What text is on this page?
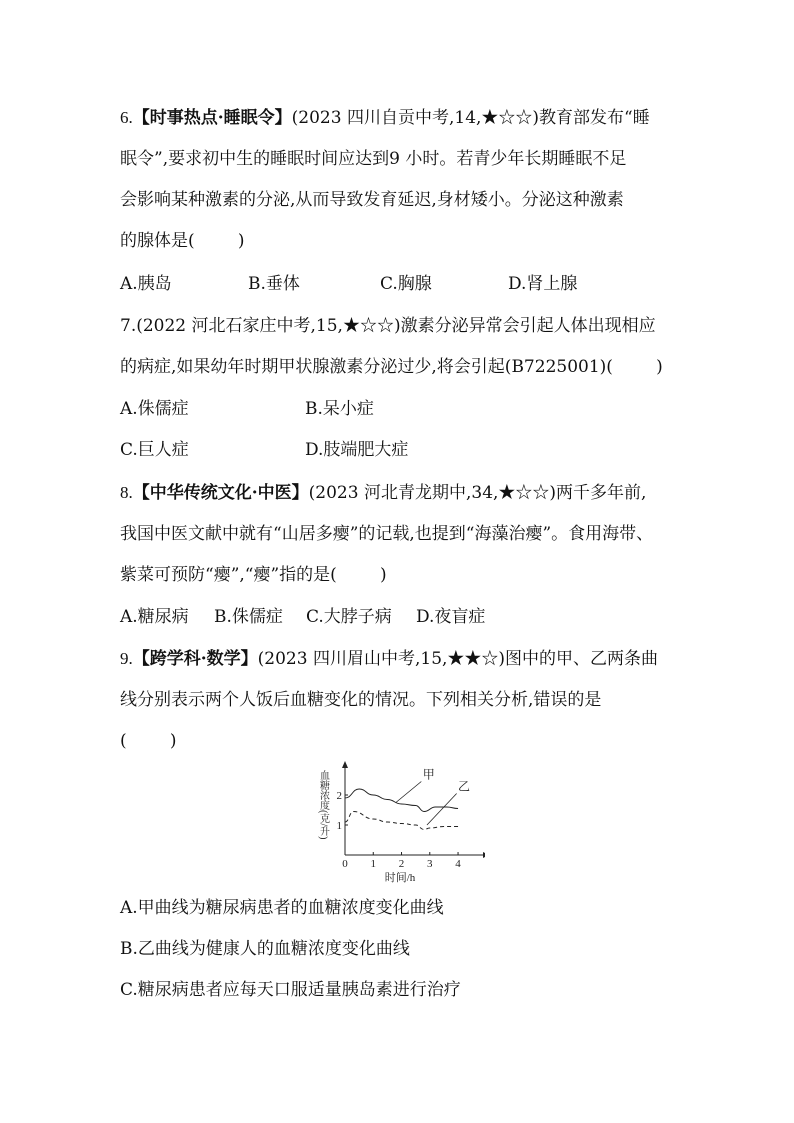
6.【时事热点·睡眠令】(2023 四川自贡中考,14,★☆☆)教育部发布“睡
眠令”,要求初中生的睡眠时间应达到9 小时。若青少年长期睡眠不足
会影响某种激素的分泌,从而导致发育延迟,身材矮小。分泌这种激素
的腺体是(        )
A.胰岛	B.垂体	C.胸腺	D.肾上腺
7.(2022 河北石家庄中考,15,★☆☆)激素分泌异常会引起人体出现相应
的病症,如果幼年时期甲状腺激素分泌过少,将会引起(B7225001)(        )
A.侏儒症	B.呆小症
C.巨人症	D.肢端肥大症
8.【中华传统文化·中医】(2023 河北青龙期中,34,★☆☆)两千多年前,
我国中医文献中就有“山居多瘿”的记载,也提到“海藻治瘿”。食用海带、
紫菜可预防“瘿”,“瘿”指的是(        )
A.糖尿病 B.侏儒症 C.大脖子病 D.夜盲症
9.【跨学科·数学】(2023 四川眉山中考,15,★★☆)图中的甲、乙两条曲
线分别表示两个人饭后血糖变化的情况。下列相关分析,错误的是
(        )
0 1 2 3 4
1
2
时间/h
血糖浓度(克/升)	甲
乙
A.甲曲线为糖尿病患者的血糖浓度变化曲线
B.乙曲线为健康人的血糖浓度变化曲线
C.糖尿病患者应每天口服适量胰岛素进行治疗
